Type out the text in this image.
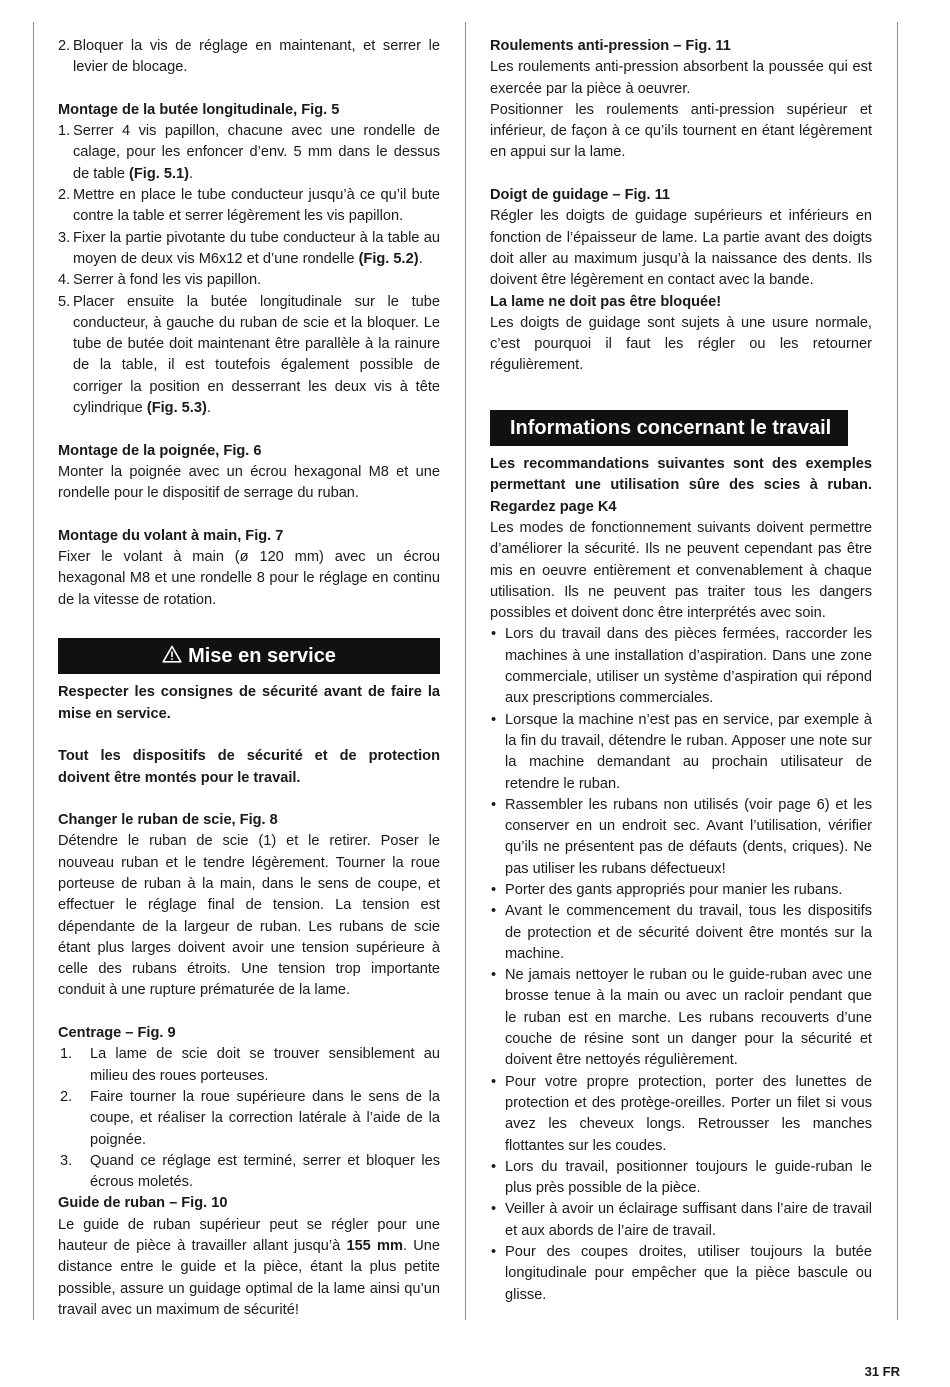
2. Bloquer la vis de réglage en maintenant, et serrer le levier de blocage.

Montage de la butée longitudinale, Fig. 5

1. Serrer 4 vis papillon, chacune avec une rondelle de calage, pour les enfoncer d’env. 5 mm dans le dessus de table (Fig. 5.1).
2. Mettre en place le tube conducteur jusqu’à ce qu’il bute contre la table et serrer légèrement les vis papillon.
3. Fixer la partie pivotante du tube conducteur à la table au moyen de deux vis M6x12 et d’une rondelle (Fig. 5.2).
4. Serrer à fond les vis papillon.
5. Placer ensuite la butée longitudinale sur le tube conducteur, à gauche du ruban de scie et la bloquer. Le tube de butée doit maintenant être parallèle à la rainure de la table, il est toutefois également possible de corriger la position en desserrant les deux vis à tête cylindrique (Fig. 5.3).

Montage de la poignée, Fig. 6

Monter la poignée avec un écrou hexagonal M8 et une rondelle pour le dispositif de serrage du ruban.

Montage du volant à main, Fig. 7

Fixer le volant à main (ø 120 mm) avec un écrou hexagonal M8 et une rondelle 8 pour le réglage en continu de la vitesse de rotation.

Mise en service

Respecter les consignes de sécurité avant de faire la mise en service.

Tout les dispositifs de sécurité et de protection doivent être montés pour le travail.

Changer le ruban de scie, Fig. 8

Détendre le ruban de scie (1) et le retirer. Poser le nouveau ruban et le tendre légèrement. Tourner la roue porteuse de ruban à la main, dans le sens de coupe, et effectuer le réglage final de tension. La tension est dépendante de la largeur de ruban. Les rubans de scie étant plus larges doivent avoir une tension supérieure à celle des rubans étroits. Une tension trop importante conduit à une rupture prématurée de la lame.

Centrage – Fig. 9

1. La lame de scie doit se trouver sensiblement au milieu des roues porteuses.
2. Faire tourner la roue supérieure dans le sens de la coupe, et réaliser la correction latérale à l’aide de la poignée.
3. Quand ce réglage est terminé, serrer et bloquer les écrous moletés.

Guide de ruban – Fig. 10

Le guide de ruban supérieur peut se régler pour une hauteur de pièce à travailler allant jusqu’à 155 mm. Une distance entre le guide et la pièce, étant la plus petite possible, assure un guidage optimal de la lame ainsi qu’un travail avec un maximum de sécurité!

Roulements anti-pression – Fig. 11

Les roulements anti-pression absorbent la poussée qui est exercée par la pièce à oeuvrer.

Positionner les roulements anti-pression supérieur et inférieur, de façon à ce qu’ils tournent en étant légèrement en appui sur la lame.

Doigt de guidage – Fig. 11

Régler les doigts de guidage supérieurs et inférieurs en fonction de l’épaisseur de lame. La partie avant des doigts doit aller au maximum jusqu’à la naissance des dents. Ils doivent être légèrement en contact avec la bande.

La lame ne doit pas être bloquée!

Les doigts de guidage sont sujets à une usure normale, c’est pourquoi il faut les régler ou les retourner régulièrement.

Informations concernant le travail

Les recommandations suivantes sont des exemples permettant une utilisation sûre des scies à ruban. Regardez page K4

Les modes de fonctionnement suivants doivent permettre d’améliorer la sécurité. Ils ne peuvent cependant pas être mis en oeuvre entièrement et convenablement à chaque utilisation. Ils ne peuvent pas traiter tous les dangers possibles et doivent donc être interprétés avec soin.

• Lors du travail dans des pièces fermées, raccorder les machines à une installation d’aspiration. Dans une zone commerciale, utiliser un système d’aspiration qui répond aux prescriptions commerciales.
• Lorsque la machine n’est pas en service, par exemple à la fin du travail, détendre le ruban. Apposer une note sur la machine demandant au prochain utilisateur de retendre le ruban.
• Rassembler les rubans non utilisés (voir page 6) et les conserver en un endroit sec. Avant l’utilisation, vérifier qu’ils ne présentent pas de défauts (dents, criques). Ne pas utiliser les rubans défectueux!
• Porter des gants appropriés pour manier les rubans.
• Avant le commencement du travail, tous les dispositifs de protection et de sécurité doivent être montés sur la machine.
• Ne jamais nettoyer le ruban ou le guide-ruban avec une brosse tenue à la main ou avec un racloir pendant que le ruban est en marche. Les rubans recouverts d’une couche de résine sont un danger pour la sécurité et doivent être nettoyés régulièrement.
• Pour votre propre protection, porter des lunettes de protection et des protège-oreilles. Porter un filet si vous avez les cheveux longs. Retrousser les manches flottantes sur les coudes.
• Lors du travail, positionner toujours le guide-ruban le plus près possible de la pièce.
• Veiller à avoir un éclairage suffisant dans l’aire de travail et aux abords de l’aire de travail.
• Pour des coupes droites, utiliser toujours la butée longitudinale pour empêcher que la pièce bascule ou glisse.
31 FR
